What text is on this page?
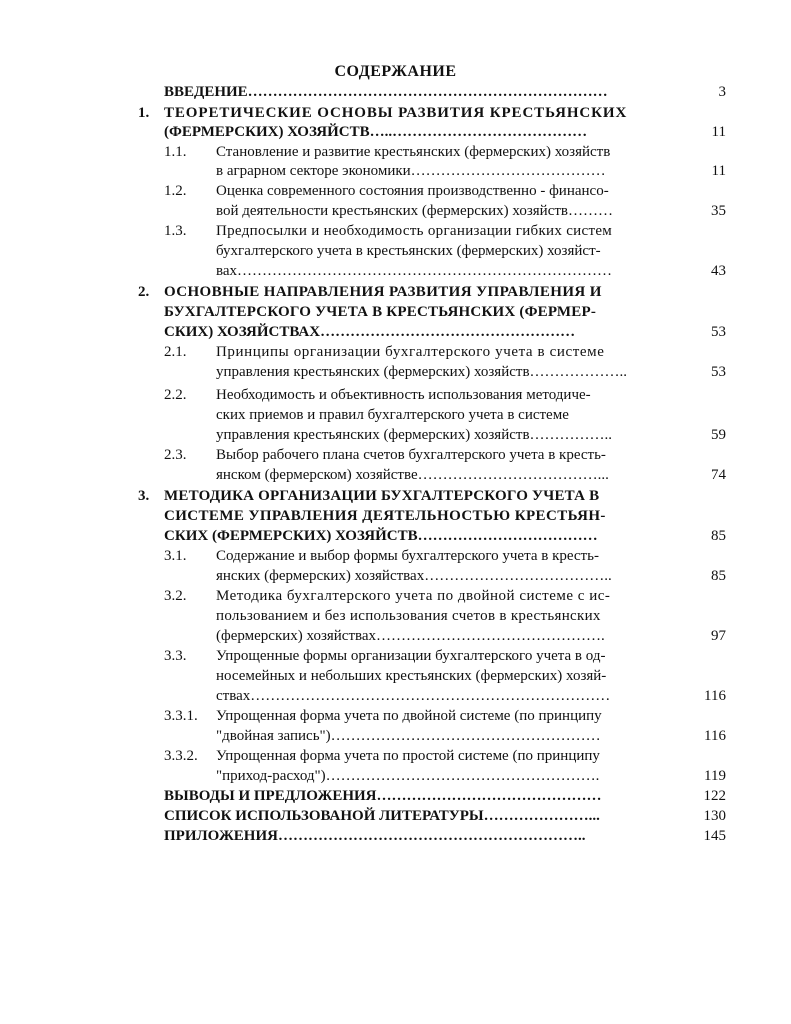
СОДЕРЖАНИЕ
ВВЕДЕНИЕ………………………………………………………………	3
1. ТЕОРЕТИЧЕСКИЕ ОСНОВЫ РАЗВИТИЯ КРЕСТЬЯНСКИХ
(ФЕРМЕРСКИХ) ХОЗЯЙСТВ…..…………………………………	11
1.1. Становление и развитие крестьянских (фермерских) хозяйств
в аграрном секторе экономики…………………………………	11
1.2. Оценка современного состояния производственно - финансо-
вой деятельности крестьянских (фермерских) хозяйств………	35
1.3. Предпосылки и необходимость организации гибких систем
бухгалтерского учета в крестьянских (фермерских) хозяйст-
вах…………………………………………………………………	43
2. ОСНОВНЫЕ НАПРАВЛЕНИЯ РАЗВИТИЯ УПРАВЛЕНИЯ И
БУХГАЛТЕРСКОГО УЧЕТА В КРЕСТЬЯНСКИХ (ФЕРМЕР-
СКИХ) ХОЗЯЙСТВАХ……………………………………………	53
2.1. Принципы организации бухгалтерского учета в системе
управления крестьянских (фермерских) хозяйств………………..	53
2.2. Необходимость и объективность использования методиче-
ских приемов и правил бухгалтерского учета в системе
управления крестьянских (фермерских) хозяйств……………..	59
2.3. Выбор рабочего плана счетов бухгалтерского учета в кресть-
янском (фермерском) хозяйстве………………………………...	74
3. МЕТОДИКА ОРГАНИЗАЦИИ БУХГАЛТЕРСКОГО УЧЕТА В
СИСТЕМЕ УПРАВЛЕНИЯ ДЕЯТЕЛЬНОСТЬЮ КРЕСТЬЯН-
СКИХ (ФЕРМЕРСКИХ) ХОЗЯЙСТВ………………………………	85
3.1. Содержание и выбор формы бухгалтерского учета в кресть-
янских (фермерских) хозяйствах………………………………..	85
3.2. Методика бухгалтерского учета по двойной системе с ис-
пользованием и без использования счетов в крестьянских
(фермерских) хозяйствах……………………………………….	97
3.3. Упрощенные формы организации бухгалтерского учета в од-
носемейных и небольших крестьянских (фермерских) хозяй-
ствах………………………………………………………………	116
3.3.1. Упрощенная форма учета по двойной системе (по принципу
"двойная запись")………………………………………………	116
3.3.2. Упрощенная форма учета по простой системе (по принципу
"приход-расход")……………………………………………….	119
ВЫВОДЫ И ПРЕДЛОЖЕНИЯ………………………………………	122
СПИСОК ИСПОЛЬЗОВАНОЙ ЛИТЕРАТУРЫ…………………...	130
ПРИЛОЖЕНИЯ……………………………………………………..	145
